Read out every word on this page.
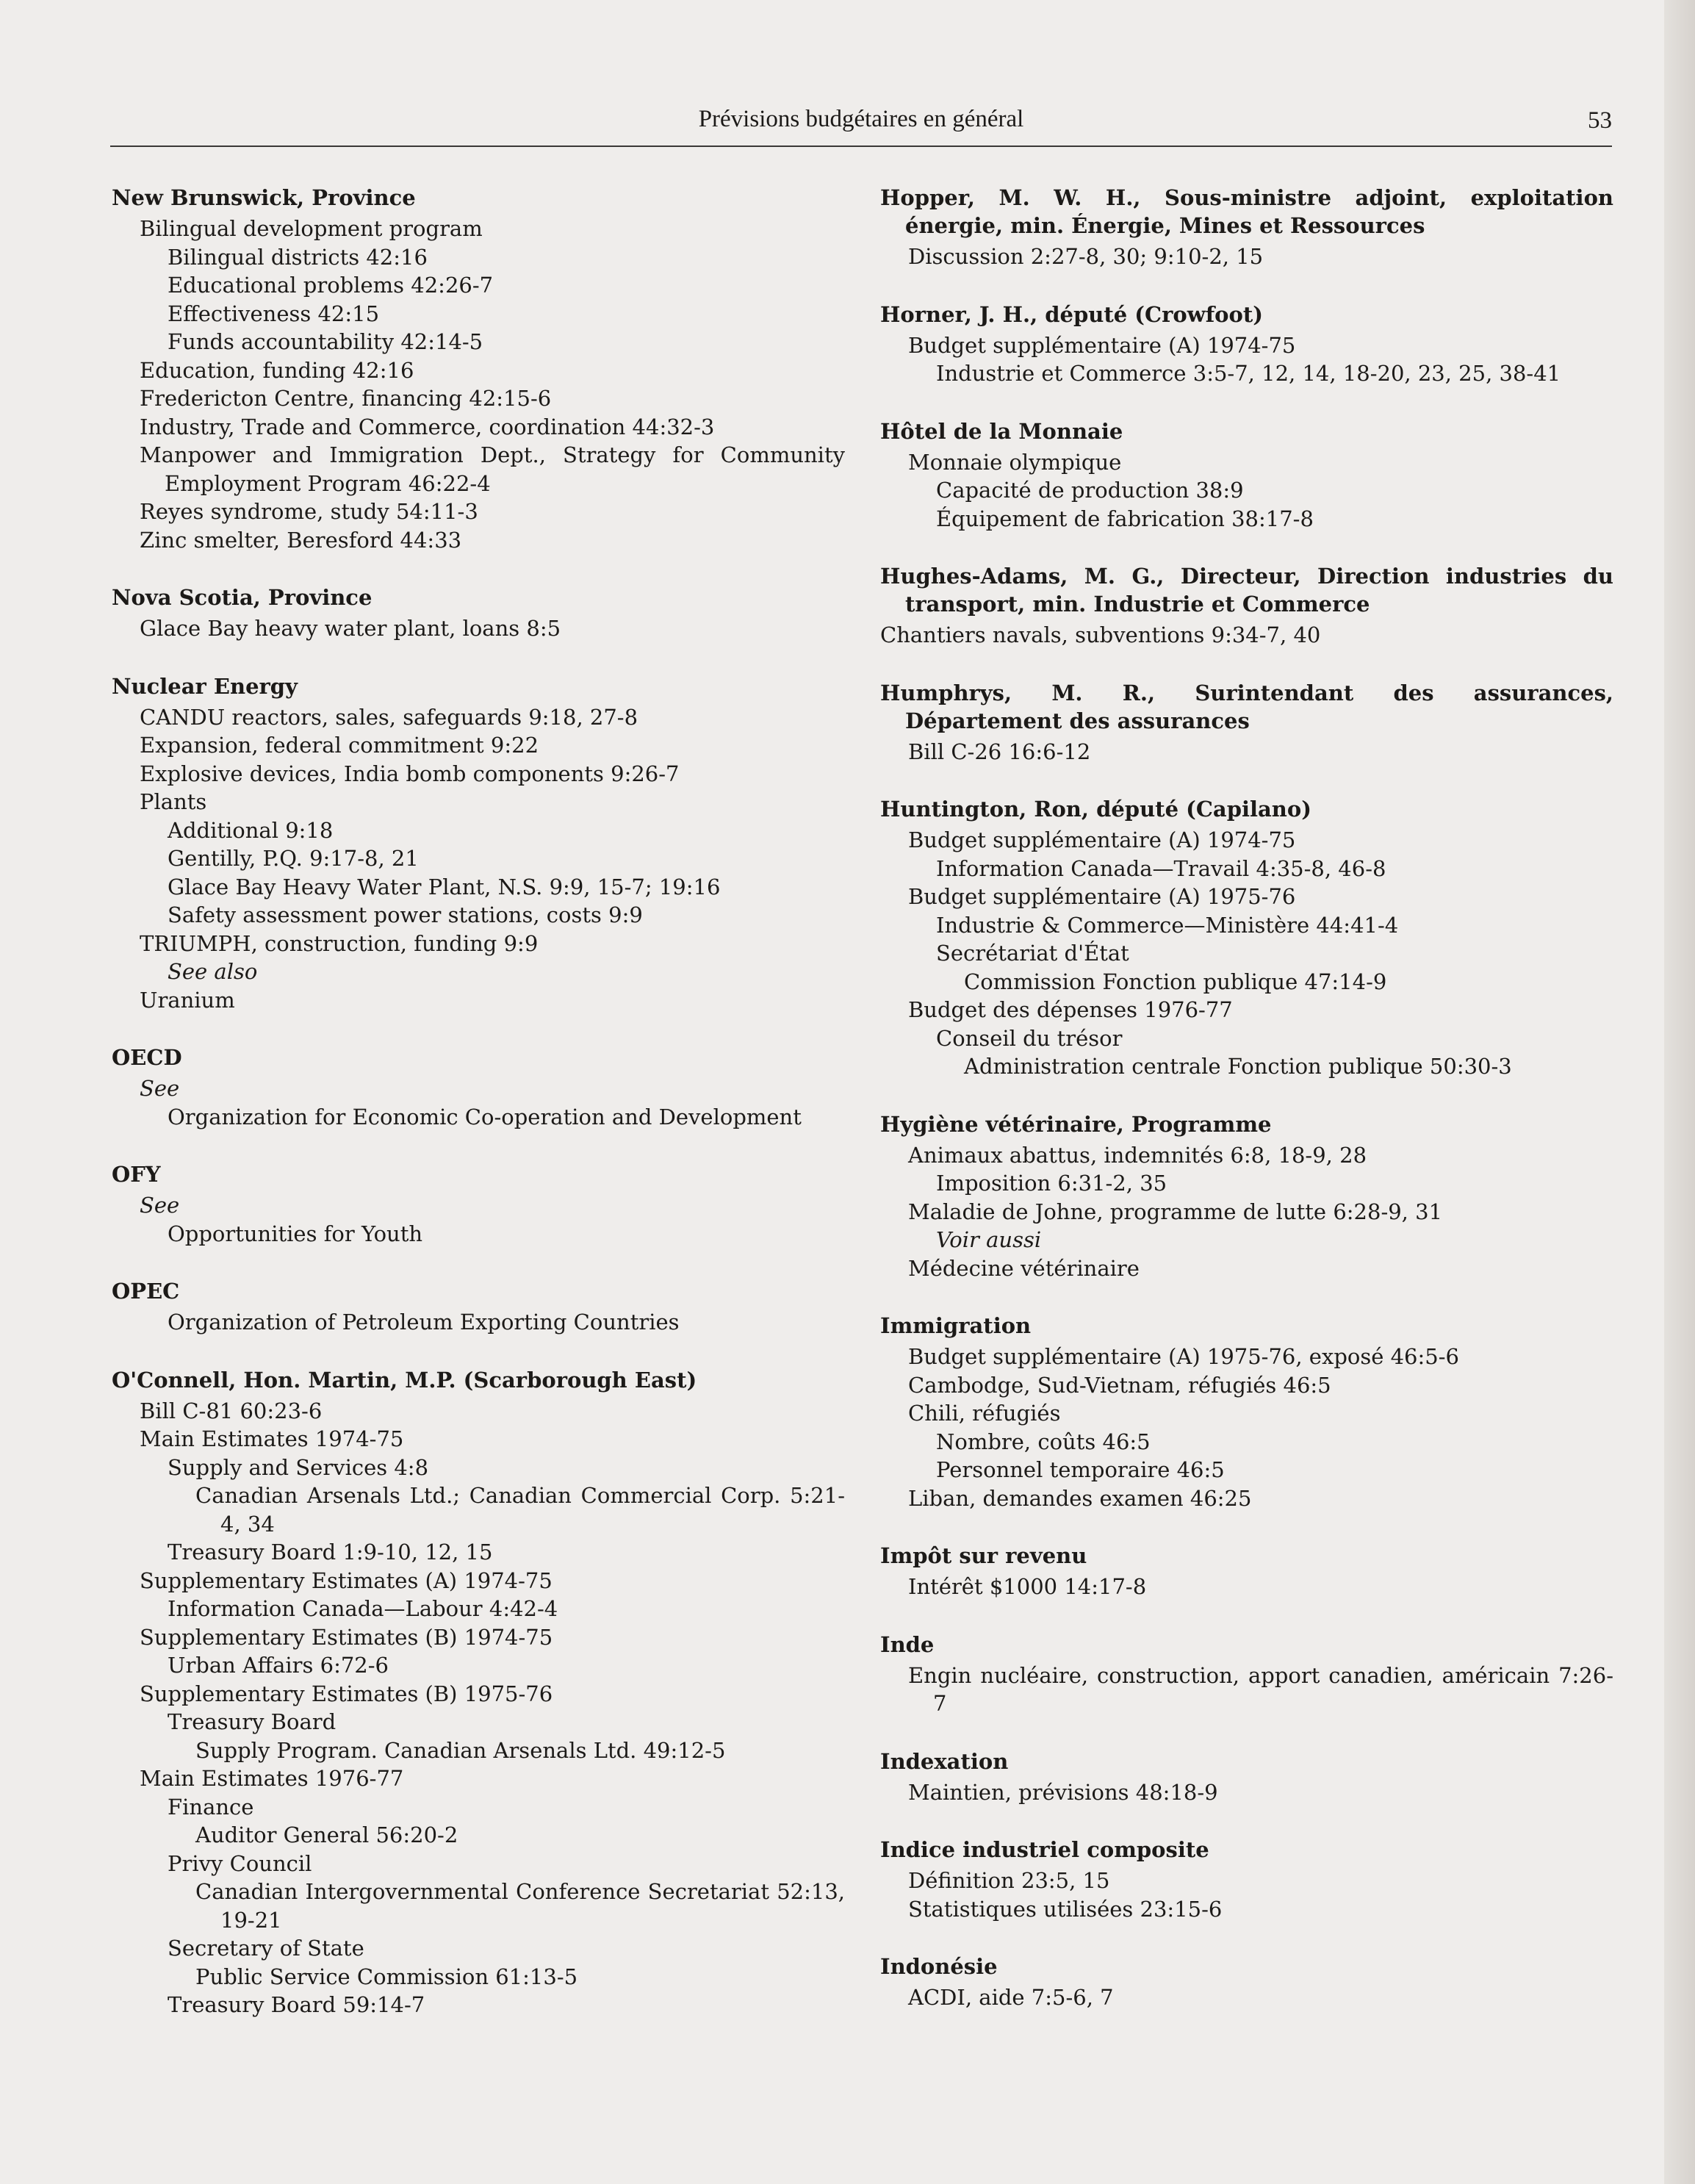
Prévisions budgétaires en général	53
New Brunswick, Province
Bilingual development program
Bilingual districts 42:16
Educational problems 42:26-7
Effectiveness 42:15
Funds accountability 42:14-5
Education, funding 42:16
Fredericton Centre, financing 42:15-6
Industry, Trade and Commerce, coordination 44:32-3
Manpower and Immigration Dept., Strategy for Community Employment Program 46:22-4
Reyes syndrome, study 54:11-3
Zinc smelter, Beresford 44:33
Nova Scotia, Province
Glace Bay heavy water plant, loans 8:5
Nuclear Energy
CANDU reactors, sales, safeguards 9:18, 27-8
Expansion, federal commitment 9:22
Explosive devices, India bomb components 9:26-7
Plants
Additional 9:18
Gentilly, P.Q. 9:17-8, 21
Glace Bay Heavy Water Plant, N.S. 9:9, 15-7; 19:16
Safety assessment power stations, costs 9:9
TRIUMPH, construction, funding 9:9
See also
Uranium
OECD
See
Organization for Economic Co-operation and Development
OFY
See
Opportunities for Youth
OPEC
Organization of Petroleum Exporting Countries
O'Connell, Hon. Martin, M.P. (Scarborough East)
Bill C-81 60:23-6
Main Estimates 1974-75
Supply and Services 4:8
Canadian Arsenals Ltd.; Canadian Commercial Corp. 5:21-4, 34
Treasury Board 1:9-10, 12, 15
Supplementary Estimates (A) 1974-75
Information Canada—Labour 4:42-4
Supplementary Estimates (B) 1974-75
Urban Affairs 6:72-6
Supplementary Estimates (B) 1975-76
Treasury Board
Supply Program. Canadian Arsenals Ltd. 49:12-5
Main Estimates 1976-77
Finance
Auditor General 56:20-2
Privy Council
Canadian Intergovernmental Conference Secretariat 52:13, 19-21
Secretary of State
Public Service Commission 61:13-5
Treasury Board 59:14-7
Hopper, M. W. H., Sous-ministre adjoint, exploitation énergie, min. Énergie, Mines et Ressources
Discussion 2:27-8, 30; 9:10-2, 15
Horner, J. H., député (Crowfoot)
Budget supplémentaire (A) 1974-75
Industrie et Commerce 3:5-7, 12, 14, 18-20, 23, 25, 38-41
Hôtel de la Monnaie
Monnaie olympique
Capacité de production 38:9
Équipement de fabrication 38:17-8
Hughes-Adams, M. G., Directeur, Direction industries du transport, min. Industrie et Commerce
Chantiers navals, subventions 9:34-7, 40
Humphrys, M. R., Surintendant des assurances, Département des assurances
Bill C-26 16:6-12
Huntington, Ron, député (Capilano)
Budget supplémentaire (A) 1974-75
Information Canada—Travail 4:35-8, 46-8
Budget supplémentaire (A) 1975-76
Industrie & Commerce—Ministère 44:41-4
Secrétariat d'État
Commission Fonction publique 47:14-9
Budget des dépenses 1976-77
Conseil du trésor
Administration centrale Fonction publique 50:30-3
Hygiène vétérinaire, Programme
Animaux abattus, indemnités 6:8, 18-9, 28
Imposition 6:31-2, 35
Maladie de Johne, programme de lutte 6:28-9, 31
Voir aussi
Médecine vétérinaire
Immigration
Budget supplémentaire (A) 1975-76, exposé 46:5-6
Cambodge, Sud-Vietnam, réfugiés 46:5
Chili, réfugiés
Nombre, coûts 46:5
Personnel temporaire 46:5
Liban, demandes examen 46:25
Impôt sur revenu
Intérêt $1000 14:17-8
Inde
Engin nucléaire, construction, apport canadien, américain 7:26-7
Indexation
Maintien, prévisions 48:18-9
Indice industriel composite
Définition 23:5, 15
Statistiques utilisées 23:15-6
Indonésie
ACDI, aide 7:5-6, 7
